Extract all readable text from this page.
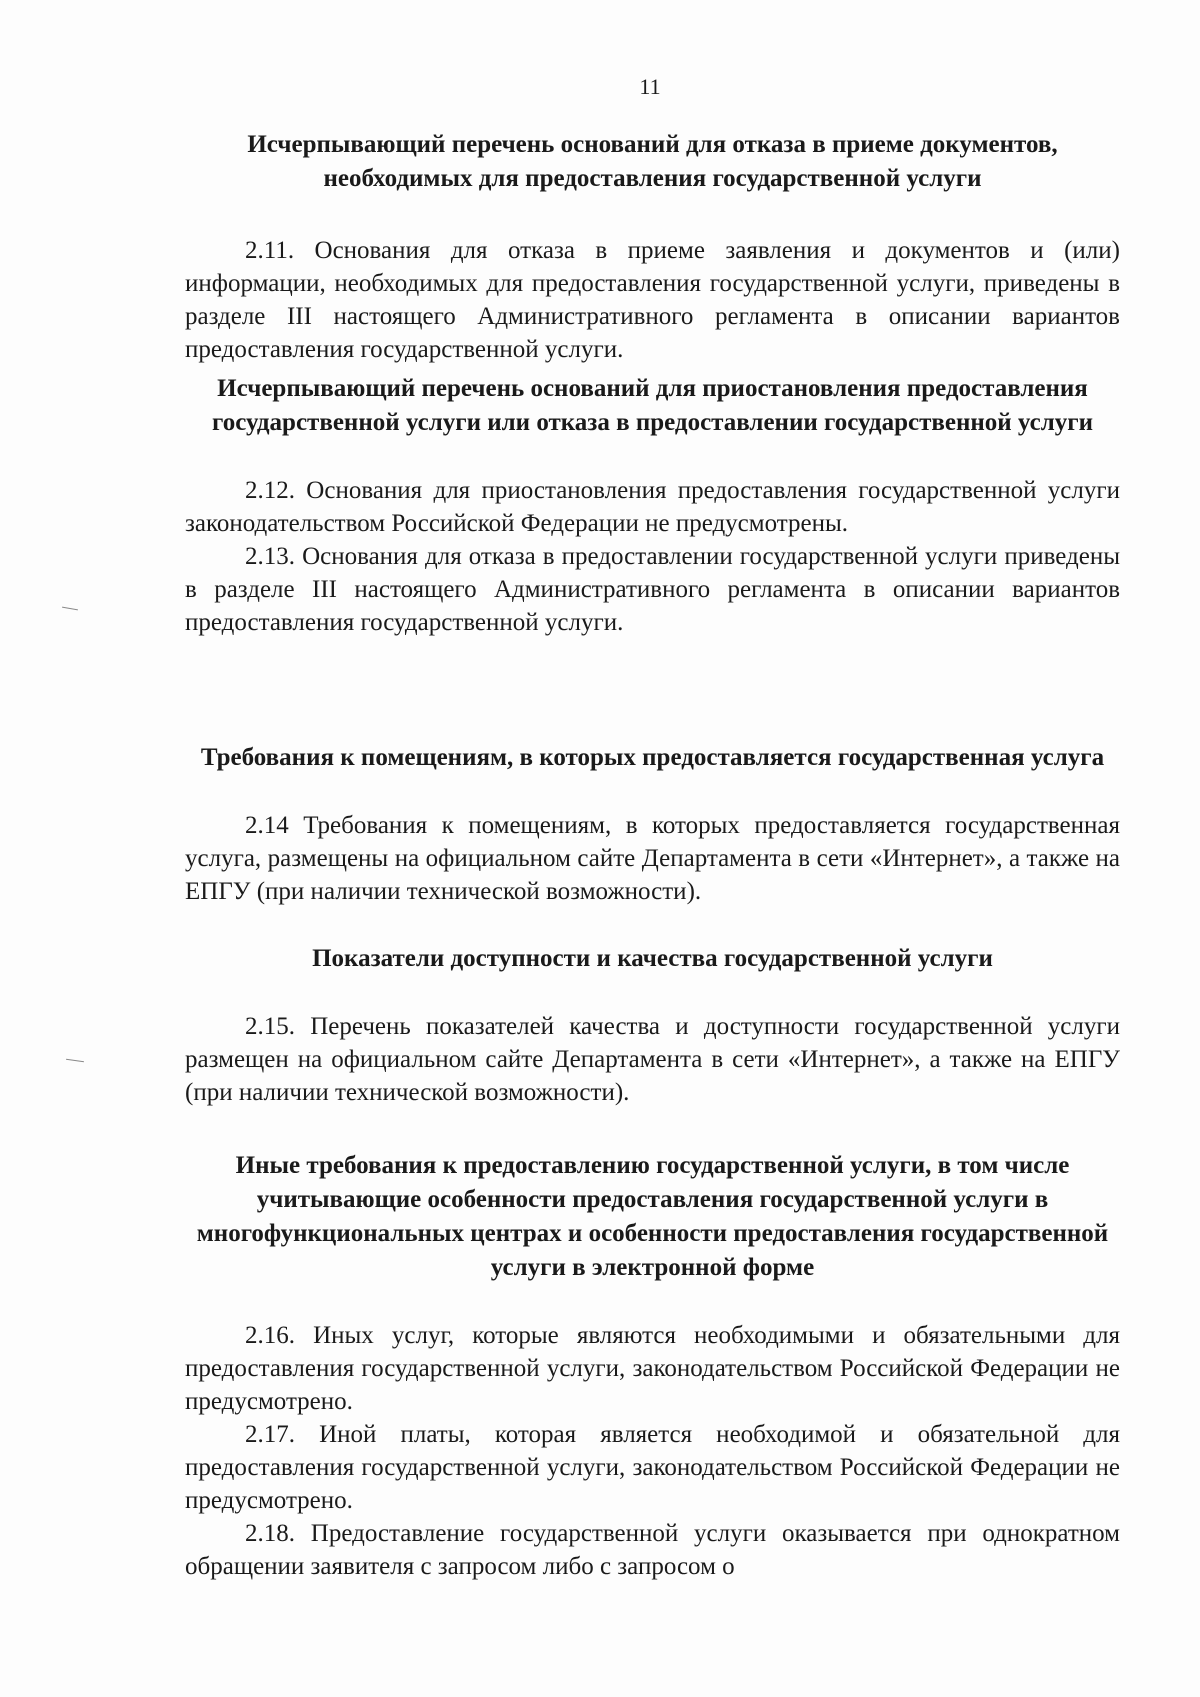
11

Исчерпывающий перечень оснований для отказа в приеме документов, необходимых для предоставления государственной услуги

2.11. Основания для отказа в приеме заявления и документов и (или) информации, необходимых для предоставления государственной услуги, приведены в разделе III настоящего Административного регламента в описании вариантов предоставления государственной услуги.

Исчерпывающий перечень оснований для приостановления предоставления государственной услуги или отказа в предоставлении государственной услуги

2.12. Основания для приостановления предоставления государственной услуги законодательством Российской Федерации не предусмотрены.

2.13. Основания для отказа в предоставлении государственной услуги приведены в разделе III настоящего Административного регламента в описании вариантов предоставления государственной услуги.

Требования к помещениям, в которых предоставляется государственная услуга

2.14 Требования к помещениям, в которых предоставляется государственная услуга, размещены на официальном сайте Департамента в сети «Интернет», а также на ЕПГУ (при наличии технической возможности).

Показатели доступности и качества государственной услуги

2.15. Перечень показателей качества и доступности государственной услуги размещен на официальном сайте Департамента в сети «Интернет», а также на ЕПГУ (при наличии технической возможности).

Иные требования к предоставлению государственной услуги, в том числе учитывающие особенности предоставления государственной услуги в многофункциональных центрах и особенности предоставления государственной услуги в электронной форме

2.16. Иных услуг, которые являются необходимыми и обязательными для предоставления государственной услуги, законодательством Российской Федерации не предусмотрено.

2.17. Иной платы, которая является необходимой и обязательной для предоставления государственной услуги, законодательством Российской Федерации не предусмотрено.

2.18. Предоставление государственной услуги оказывается при однократном обращении заявителя с запросом либо с запросом о
